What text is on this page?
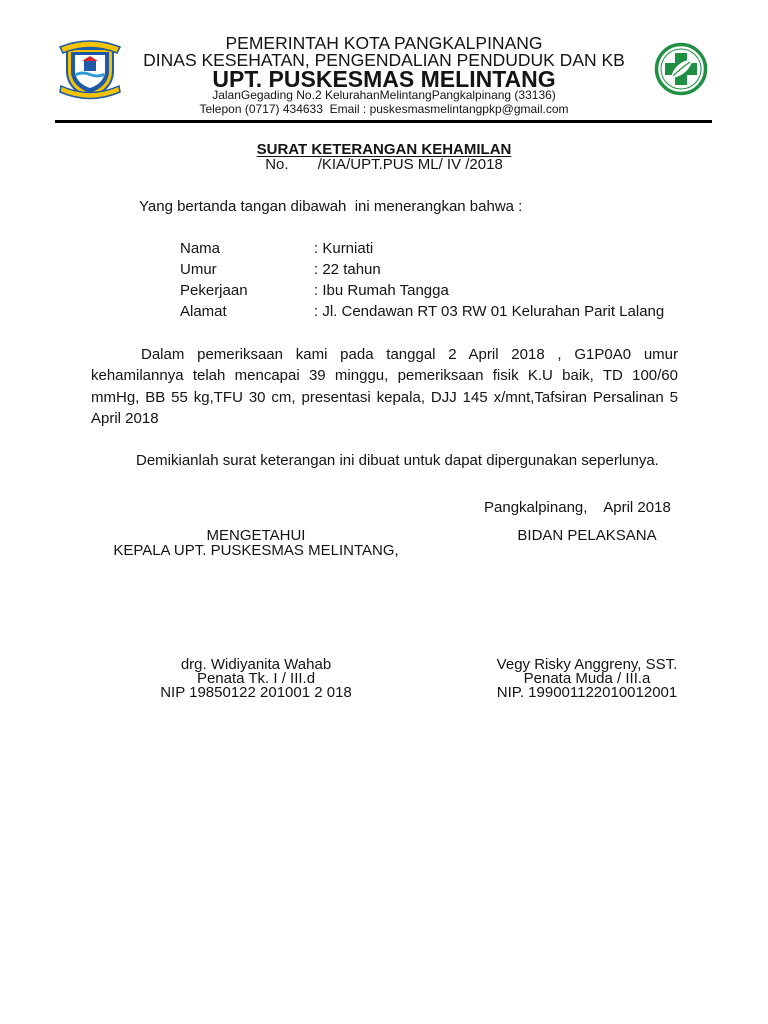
PEMERINTAH KOTA PANGKALPINANG
DINAS KESEHATAN, PENGENDALIAN PENDUDUK DAN KB
UPT. PUSKESMAS MELINTANG
JalanGegading No.2 KelurahanMelintangPangkalpinang (33136)
Telepon (0717) 434633  Email : puskesmasmelintangpkp@gmail.com
SURAT KETERANGAN KEHAMILAN
No.       /KIA/UPT.PUS ML/ IV /2018
Yang bertanda tangan dibawah  ini menerangkan bahwa :
Nama	: Kurniati
Umur	: 22 tahun
Pekerjaan	: Ibu Rumah Tangga
Alamat	: Jl. Cendawan RT 03 RW 01 Kelurahan Parit Lalang
Dalam pemeriksaan kami pada tanggal 2 April 2018 , G1P0A0 umur
kehamilannya telah mencapai 39 minggu, pemeriksaan fisik K.U baik, TD 100/60
mmHg, BB 55 kg,TFU 30 cm, presentasi kepala, DJJ 145 x/mnt,Tafsiran Persalinan 5
April 2018
Demikianlah surat keterangan ini dibuat untuk dapat dipergunakan seperlunya.
Pangkalpinang,    April 2018
MENGETAHUI
KEPALA UPT. PUSKESMAS MELINTANG,
BIDAN PELAKSANA
drg. Widiyanita Wahab
Penata Tk. I / III.d
NIP 19850122 201001 2 018
Vegy Risky Anggreny, SST.
Penata Muda / III.a
NIP. 199001122010012001
